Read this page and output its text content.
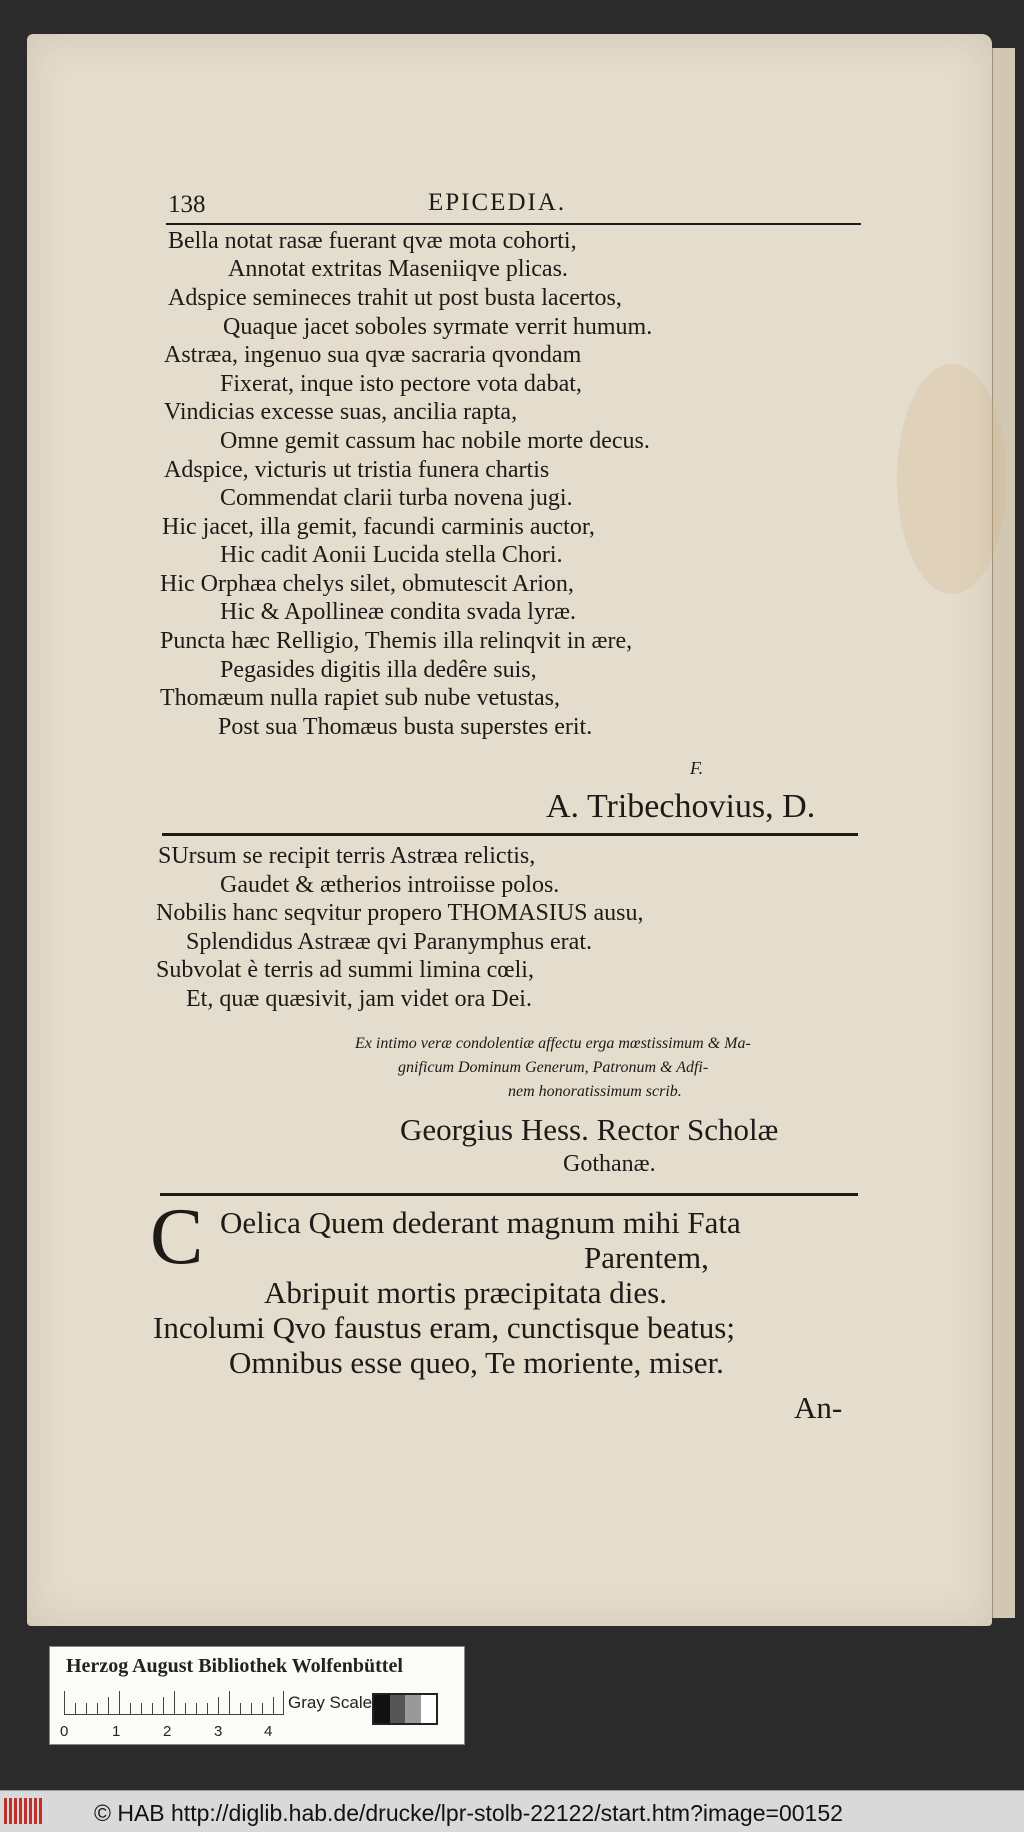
138	EPICEDIA.
Bella notat rasæ fuerant qvæ mota cohorti,
Annotat extritas Maseniiqve plicas.
Adspice semineces trahit ut post busta lacertos,
Quaque jacet soboles syrmate verrit humum.
Astræa, ingenuo sua qvæ sacraria qvondam
Fixerat, inque isto pectore vota dabat,
Vindicias excesse suas, ancilia rapta,
Omne gemit cassum hac nobile morte decus.
Adspice, victuris ut tristia funera chartis
Commendat clarii turba novena jugi.
Hic jacet, illa gemit, facundi carminis auctor,
Hic cadit Aonii Lucida stella Chori.
Hic Orphæa chelys silet, obmutescit Arion,
Hic & Apollineæ condita svada lyræ.
Puncta hæc Relligio, Themis illa relinqvit in ære,
Pegasides digitis illa dedêre suis,
Thomæum nulla rapiet sub nube vetustas,
Post sua Thomæus busta superstes erit.
F.
A. Tribechovius, D.
SUrsum se recipit terris Astræa relictis,
Gaudet & ætherios introiisse polos.
Nobilis hanc seqvitur propero THOMASIUS ausu,
Splendidus Astrææ qvi Paranymphus erat.
Subvolat è terris ad summi limina cœli,
Et, quæ quæsivit, jam videt ora Dei.
Ex intimo veræ condolentiæ affectu erga mœstissimum & Ma-
gnificum Dominum Generum, Patronum & Adfi-
nem honoratissimum scrib.
Georgius Hess. Rector Scholæ
Gothanæ.
C Oelica Quem dederant magnum mihi Fata
Parentem,
Abripuit mortis præcipitata dies.
Incolumi Qvo faustus eram, cunctisque beatus;
Omnibus esse queo, Te moriente, miser.
An-
Herzog August Bibliothek Wolfenbüttel
0	1	2	3	4
Gray Scale
© HAB http://diglib.hab.de/drucke/lpr-stolb-22122/start.htm?image=00152
